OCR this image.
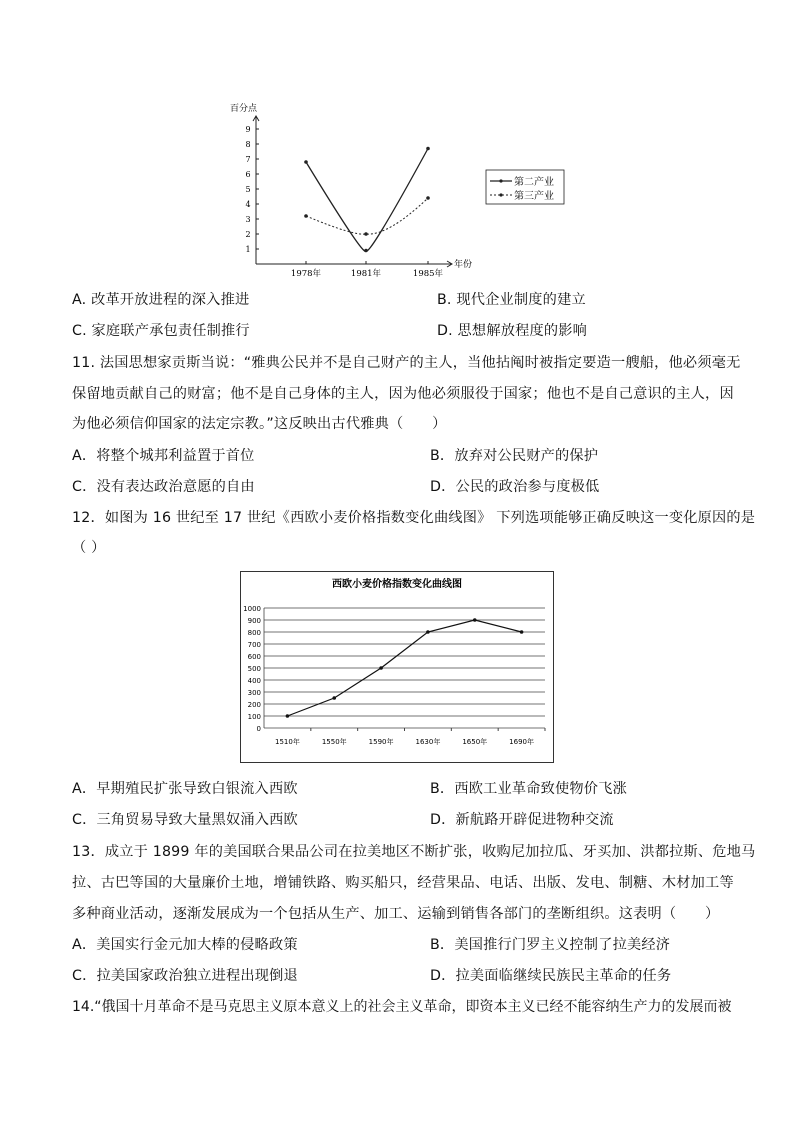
百分点
年份
1
2
3
4
5
6
7
8
9
1978年	1981年	1985年
第二产业
第三产业
A. 改革开放进程的深入推进	B. 现代企业制度的建立
C. 家庭联产承包责任制推行	D. 思想解放程度的影响
11. 法国思想家贡斯当说：“雅典公民并不是自己财产的主人，当他拈阄时被指定要造一艘船，他必须毫无
保留地贡献自己的财富；他不是自己身体的主人，因为他必须服役于国家；他也不是自己意识的主人，因
为他必须信仰国家的法定宗教。”这反映出古代雅典（　　）
A．将整个城邦利益置于首位	B．放弃对公民财产的保护
C．没有表达政治意愿的自由	D．公民的政治参与度极低
12．如图为 16 世纪至 17 世纪《西欧小麦价格指数变化曲线图》 下列选项能够正确反映这一变化原因的是
（ ）
西欧小麦价格指数变化曲线图
0
100
200
300
400
500
600
700
800
900
1000
1510年	1550年	1590年	1630年	1650年	1690年
A．早期殖民扩张导致白银流入西欧	B．西欧工业革命致使物价飞涨
C．三角贸易导致大量黑奴涌入西欧	D．新航路开辟促进物种交流
13．成立于 1899 年的美国联合果品公司在拉美地区不断扩张，收购尼加拉瓜、牙买加、洪都拉斯、危地马
拉、古巴等国的大量廉价土地，增铺铁路、购买船只，经营果品、电话、出版、发电、制糖、木材加工等
多种商业活动，逐渐发展成为一个包括从生产、加工、运输到销售各部门的垄断组织。这表明（　　）
A．美国实行金元加大棒的侵略政策	B．美国推行门罗主义控制了拉美经济
C．拉美国家政治独立进程出现倒退	D．拉美面临继续民族民主革命的任务
14.“俄国十月革命不是马克思主义原本意义上的社会主义革命，即资本主义已经不能容纳生产力的发展而被
